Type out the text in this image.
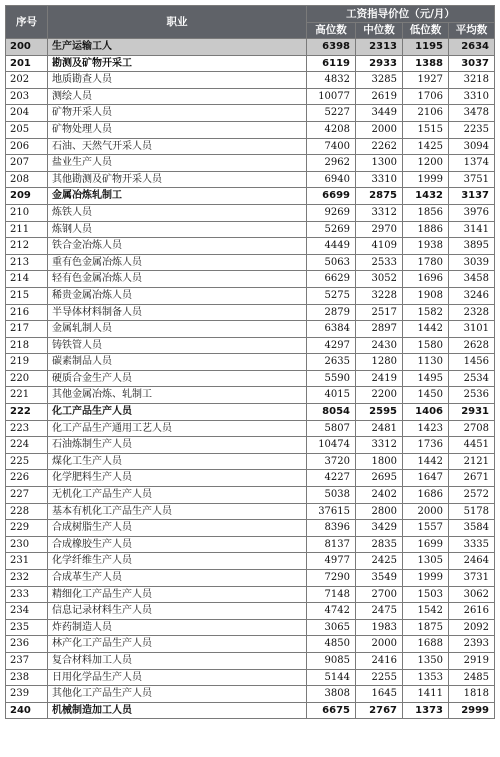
序号	职业	工资指导价位（元/月）			
		高位数	中位数	低位数	平均数
200	生产运输工人	6398	2313	1195	2634
201	勘测及矿物开采工	6119	2933	1388	3037
202	地质勘查人员	4832	3285	1927	3218
203	测绘人员	10077	2619	1706	3310
204	矿物开采人员	5227	3449	2106	3478
205	矿物处理人员	4208	2000	1515	2235
206	石油、天然气开采人员	7400	2262	1425	3094
207	盐业生产人员	2962	1300	1200	1374
208	其他勘测及矿物开采人员	6940	3310	1999	3751
209	金属冶炼轧制工	6699	2875	1432	3137
210	炼铁人员	9269	3312	1856	3976
211	炼钢人员	5269	2970	1886	3141
212	铁合金冶炼人员	4449	4109	1938	3895
213	重有色金属冶炼人员	5063	2533	1780	3039
214	轻有色金属冶炼人员	6629	3052	1696	3458
215	稀贵金属冶炼人员	5275	3228	1908	3246
216	半导体材料制备人员	2879	2517	1582	2328
217	金属轧制人员	6384	2897	1442	3101
218	铸铁管人员	4297	2430	1580	2628
219	碳素制品人员	2635	1280	1130	1456
220	硬质合金生产人员	5590	2419	1495	2534
221	其他金属冶炼、轧制工	4015	2200	1450	2536
222	化工产品生产人员	8054	2595	1406	2931
223	化工产品生产通用工艺人员	5807	2481	1423	2708
224	石油炼制生产人员	10474	3312	1736	4451
225	煤化工生产人员	3720	1800	1442	2121
226	化学肥料生产人员	4227	2695	1647	2671
227	无机化工产品生产人员	5038	2402	1686	2572
228	基本有机化工产品生产人员	37615	2800	2000	5178
229	合成树脂生产人员	8396	3429	1557	3584
230	合成橡胶生产人员	8137	2835	1699	3335
231	化学纤维生产人员	4977	2425	1305	2464
232	合成革生产人员	7290	3549	1999	3731
233	精细化工产品生产人员	7148	2700	1503	3062
234	信息记录材料生产人员	4742	2475	1542	2616
235	炸药制造人员	3065	1983	1875	2092
236	林产化工产品生产人员	4850	2000	1688	2393
237	复合材料加工人员	9085	2416	1350	2919
238	日用化学品生产人员	5144	2255	1353	2485
239	其他化工产品生产人员	3808	1645	1411	1818
240	机械制造加工人员	6675	2767	1373	2999
